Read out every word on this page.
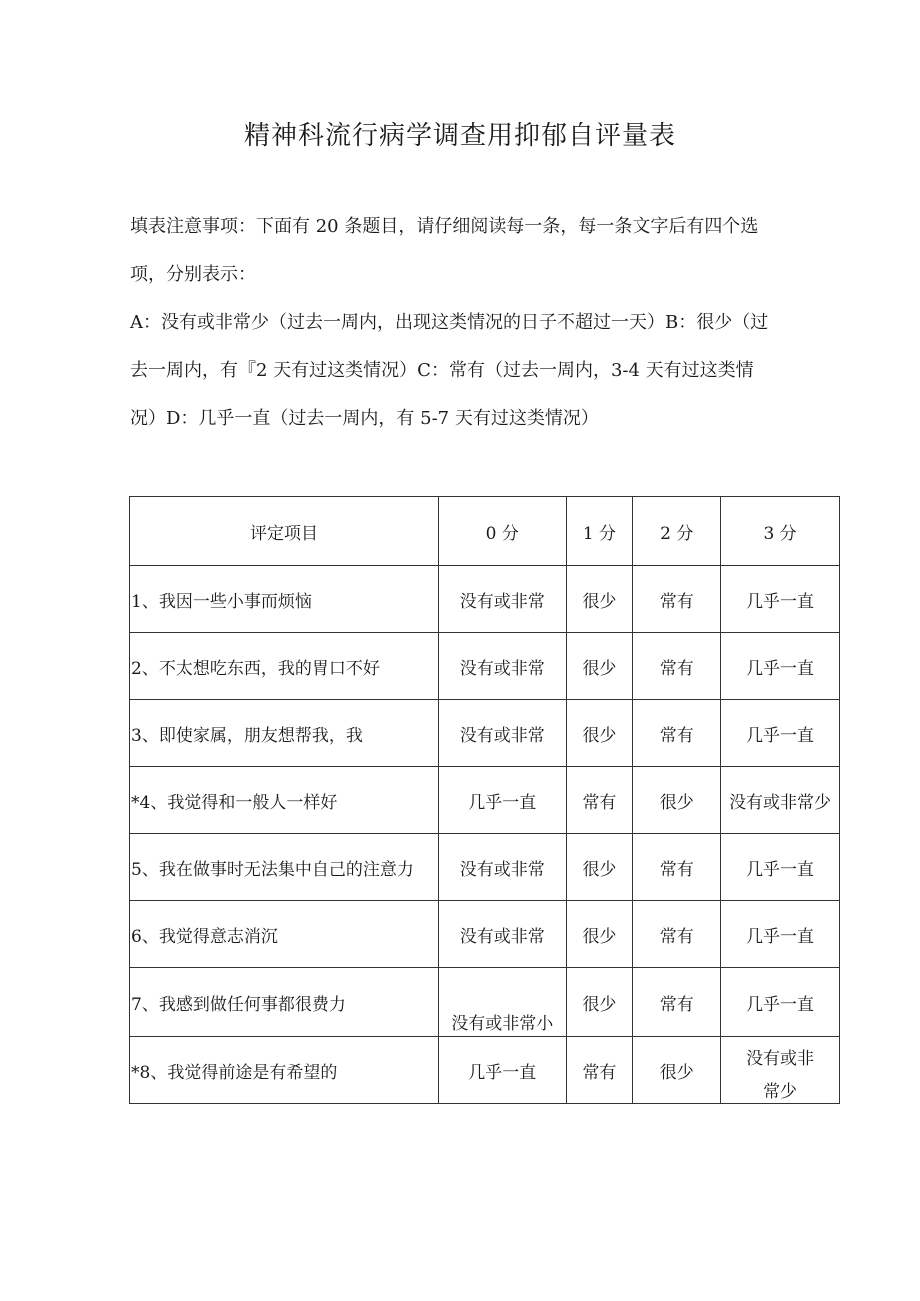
精神科流行病学调查用抑郁自评量表
填表注意事项：下面有 20 条题目，请仔细阅读每一条，每一条文字后有四个选
项，分别表示：
A：没有或非常少（过去一周内，出现这类情况的日子不超过一天）B：很少（过
去一周内，有『2 天有过这类情况）C：常有（过去一周内，3-4 天有过这类情
况）D：几乎一直（过去一周内，有 5-7 天有过这类情况）
评定项目	0 分	1 分	2 分	3 分
1、我因一些小事而烦恼	没有或非常	很少	常有	几乎一直
2、不太想吃东西，我的胃口不好	没有或非常	很少	常有	几乎一直
3、即使家属，朋友想帮我，我	没有或非常	很少	常有	几乎一直
*4、我觉得和一般人一样好	几乎一直	常有	很少	没有或非常少
5、我在做事时无法集中自己的注意力	没有或非常	很少	常有	几乎一直
6、我觉得意志消沉	没有或非常	很少	常有	几乎一直
7、我感到做任何事都很费力	没有或非常小	很少	常有	几乎一直
*8、我觉得前途是有希望的	几乎一直	常有	很少	没有或非
常少
